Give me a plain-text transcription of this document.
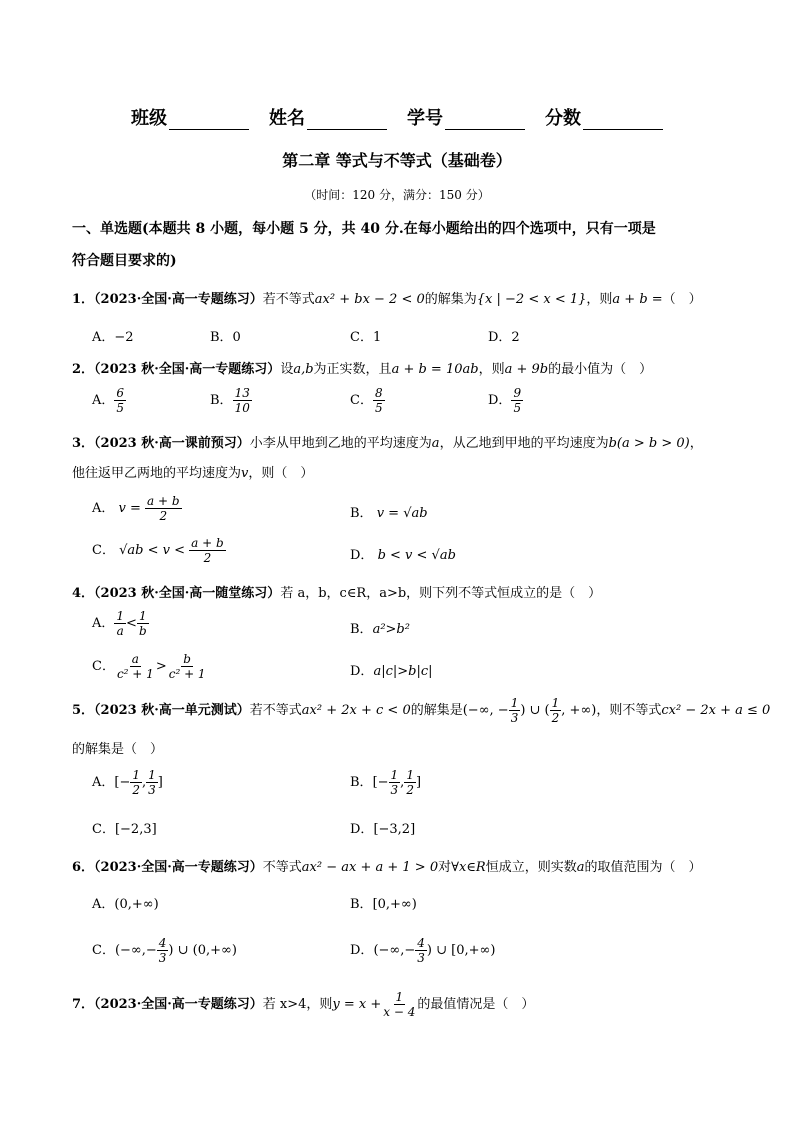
班级	姓名	学号	分数
第二章 等式与不等式（基础卷）
（时间：120 分，满分：150 分）
一、单选题(本题共 8 小题，每小题 5 分，共 40 分.在每小题给出的四个选项中，只有一项是
符合题目要求的)
1．（2023·全国·高一专题练习）若不等式ax² + bx − 2 < 0的解集为{x | −2 < x < 1}，则a + b =（　）
A．−2	B．0	C．1	D．2
2．（2023 秋·全国·高一专题练习）设a,b为正实数，且a + b = 10ab，则a + 9b的最小值为（　）
A． $\frac{6}{5}$	B． $\frac{13}{10}$	C． $\frac{8}{5}$	D． $\frac{9}{5}$
3．（2023 秋·高一课前预习）小李从甲地到乙地的平均速度为a，从乙地到甲地的平均速度为b(a > b > 0)，
他往返甲乙两地的平均速度为v，则（　）
A． $v = \frac{a + b}{2}$	B． v = √ab
C． $√ab < v < \frac{a + b}{2}$	D． b < v < √ab
4．（2023 秋·全国·高一随堂练习）若 a，b，c∈R，a>b，则下列不等式恒成立的是（　）
A． $\frac{1}{a} < \frac{1}{b}$	B．a²>b²
C． $\frac{a}{\text{c² + 1}} > \frac{b}{\text{c² + 1}}$	D．a|c|>b|c|
5．（2023 秋·高一单元测试）若不等式ax² + 2x + c < 0的解集是(−∞, − $\frac{1}{3}$ ) ∪ ( $\frac{1}{2}$ , +∞)，则不等式cx² − 2x + a ≤ 0
的解集是（　）
A．[− $\frac{1}{2}$ , $\frac{1}{3}$ ]	B．[− $\frac{1}{3}$ , $\frac{1}{2}$ ]
C．[−2,3]	D．[−3,2]
6．（2023·全国·高一专题练习）不等式ax² − ax + a + 1 > 0对∀x∈R恒成立，则实数a的取值范围为（　）
A．(0,+∞)	B．[0,+∞)
C．(−∞,− $\frac{4}{3}$ ) ∪ (0,+∞)	D．(−∞,− $\frac{4}{3}$ ) ∪ [0,+∞)
7．（2023·全国·高一专题练习）若 x>4，则$y = x + \frac{1}{x - 4}$ 的最值情况是（　）
